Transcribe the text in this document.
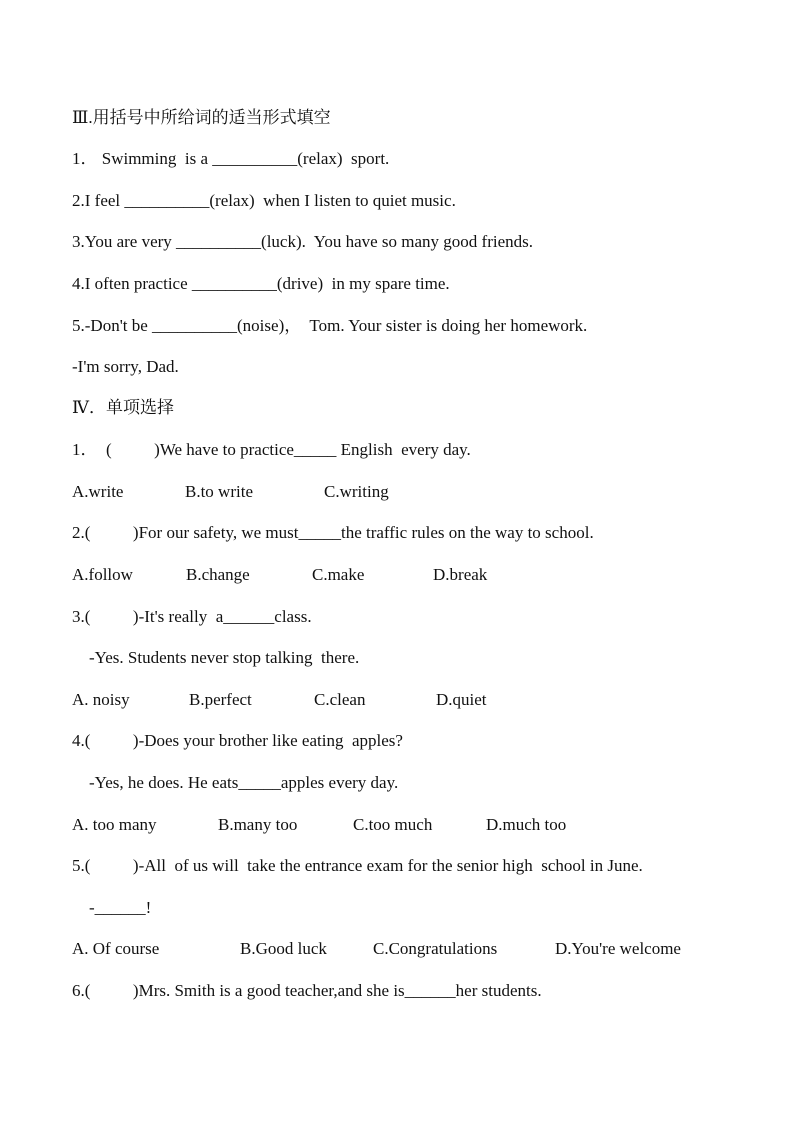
Ⅲ.用括号中所给词的适当形式填空
1． Swimming  is a __________(relax)  sport.
2.I feel __________(relax)  when I listen to quiet music.
3.You are very __________(luck).  You have so many good friends.
4.I often practice __________(drive)  in my spare time.
5.-Don't be __________(noise)，  Tom. Your sister is doing her homework.
-I'm sorry, Dad.
Ⅳ．单项选择
1．  (          )We have to practice_____ English  every day.
A.write	B.to write	C.writing
2.(          )For our safety, we must_____the traffic rules on the way to school.
A.follow	B.change	C.make	D.break
3.(          )-It's really  a______class.
-Yes. Students never stop talking  there.
A. noisy	B.perfect	C.clean	D.quiet
4.(          )-Does your brother like eating  apples?
-Yes, he does. He eats_____apples every day.
A. too many	B.many too	C.too much	D.much too
5.(          )-All  of us will  take the entrance exam for the senior high  school in June.
-______!
A. Of course	B.Good luck	C.Congratulations	D.You're welcome
6.(          )Mrs. Smith is a good teacher,and she is______her students.
